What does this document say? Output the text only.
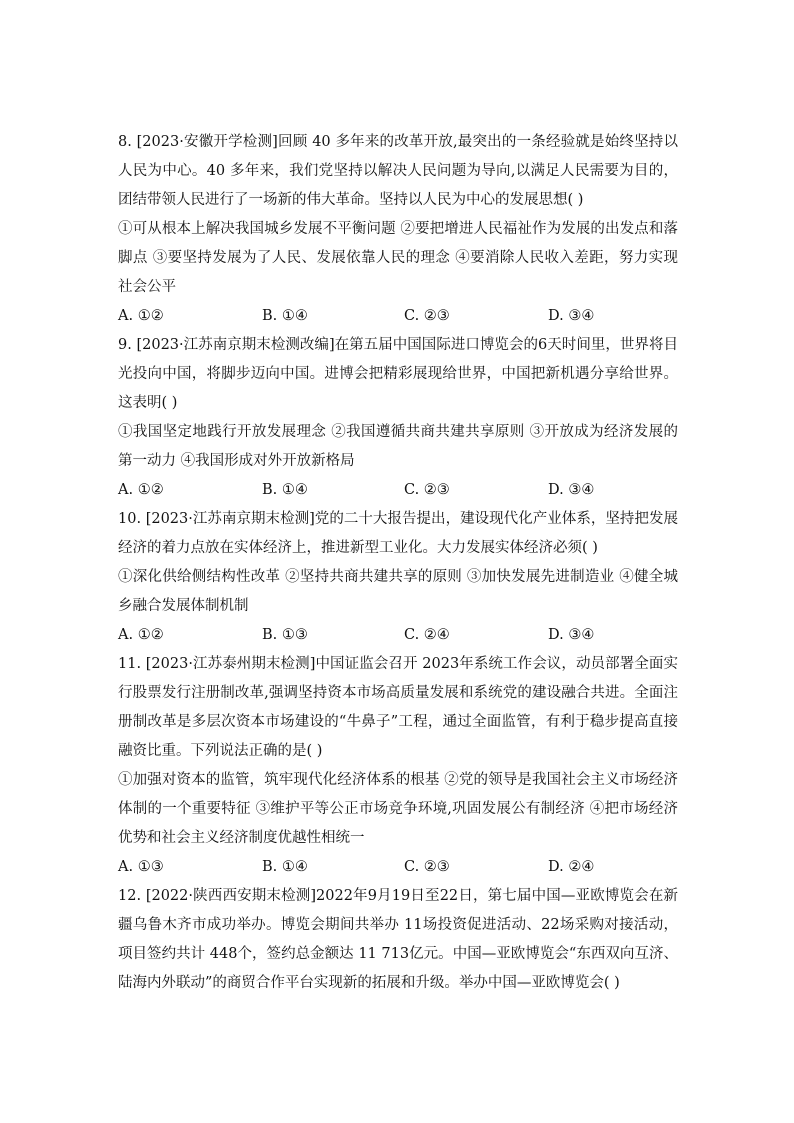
8. [2023·安徽开学检测]回顾 40 多年来的改革开放,最突出的一条经验就是始终坚持以人民为中心。40 多年来，我们党坚持以解决人民问题为导向,以满足人民需要为目的，团结带领人民进行了一场新的伟大革命。坚持以人民为中心的发展思想( )

①可从根本上解决我国城乡发展不平衡问题 ②要把增进人民福祉作为发展的出发点和落脚点 ③要坚持发展为了人民、发展依靠人民的理念 ④要消除人民收入差距，努力实现社会公平

A. ①②	B. ①④	C. ②③	D. ③④

9. [2023·江苏南京期末检测改编]在第五届中国国际进口博览会的6天时间里，世界将目光投向中国，将脚步迈向中国。进博会把精彩展现给世界，中国把新机遇分享给世界。这表明( )

①我国坚定地践行开放发展理念 ②我国遵循共商共建共享原则 ③开放成为经济发展的第一动力 ④我国形成对外开放新格局

A. ①②	B. ①④	C. ②③	D. ③④

10. [2023·江苏南京期末检测]党的二十大报告提出，建设现代化产业体系，坚持把发展经济的着力点放在实体经济上，推进新型工业化。大力发展实体经济必须( )

①深化供给侧结构性改革 ②坚持共商共建共享的原则 ③加快发展先进制造业 ④健全城乡融合发展体制机制

A. ①②	B. ①③	C. ②④	D. ③④

11. [2023·江苏泰州期末检测]中国证监会召开 2023年系统工作会议，动员部署全面实行股票发行注册制改革,强调坚持资本市场高质量发展和系统党的建设融合共进。全面注册制改革是多层次资本市场建设的“牛鼻子”工程，通过全面监管，有利于稳步提高直接融资比重。下列说法正确的是( )

①加强对资本的监管，筑牢现代化经济体系的根基 ②党的领导是我国社会主义市场经济体制的一个重要特征 ③维护平等公正市场竞争环境,巩固发展公有制经济 ④把市场经济优势和社会主义经济制度优越性相统一

A. ①③	B. ①④	C. ②③	D. ②④

12. [2022·陕西西安期末检测]2022年9月19日至22日，第七届中国—亚欧博览会在新疆乌鲁木齐市成功举办。博览会期间共举办 11场投资促进活动、22场采购对接活动，项目签约共计 448个，签约总金额达 11 713亿元。中国—亚欧博览会“东西双向互济、陆海内外联动”的商贸合作平台实现新的拓展和升级。举办中国—亚欧博览会( )
